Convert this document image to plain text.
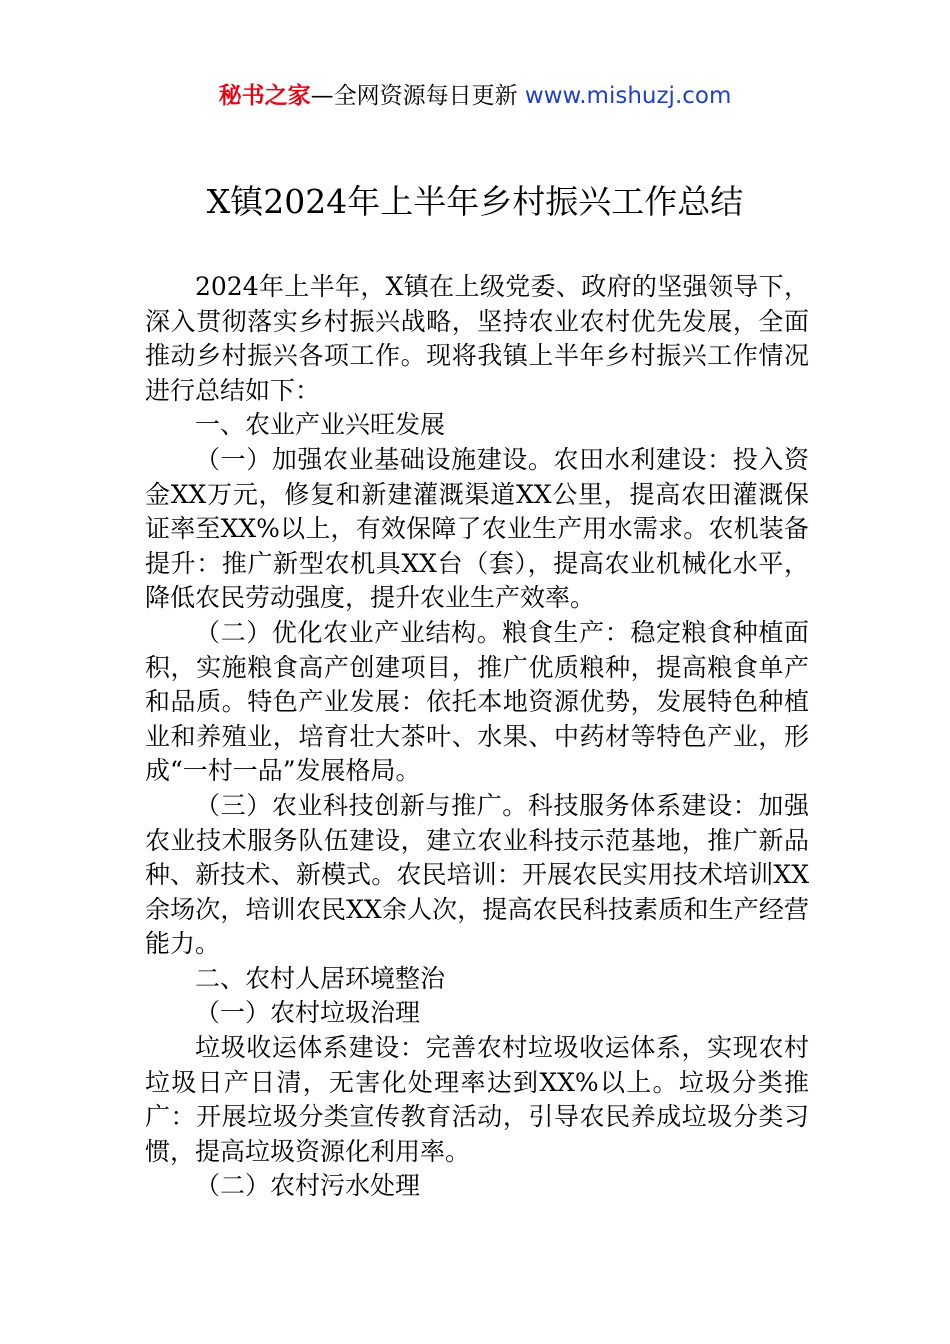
秘书之家—全网资源每日更新 www.mishuzj.com
X镇2024年上半年乡村振兴工作总结

2024年上半年，X镇在上级党委、政府的坚强领导下，深入贯彻落实乡村振兴战略，坚持农业农村优先发展，全面推动乡村振兴各项工作。现将我镇上半年乡村振兴工作情况进行总结如下：

一、农业产业兴旺发展

（一）加强农业基础设施建设。农田水利建设：投入资金XX万元，修复和新建灌溉渠道XX公里，提高农田灌溉保证率至XX%以上，有效保障了农业生产用水需求。农机装备提升：推广新型农机具XX台（套），提高农业机械化水平，降低农民劳动强度，提升农业生产效率。

（二）优化农业产业结构。粮食生产：稳定粮食种植面积，实施粮食高产创建项目，推广优质粮种，提高粮食单产和品质。特色产业发展：依托本地资源优势，发展特色种植业和养殖业，培育壮大茶叶、水果、中药材等特色产业，形成“一村一品”发展格局。

（三）农业科技创新与推广。科技服务体系建设：加强农业技术服务队伍建设，建立农业科技示范基地，推广新品种、新技术、新模式。农民培训：开展农民实用技术培训XX余场次，培训农民XX余人次，提高农民科技素质和生产经营能力。

二、农村人居环境整治

（一）农村垃圾治理

垃圾收运体系建设：完善农村垃圾收运体系，实现农村垃圾日产日清，无害化处理率达到XX%以上。垃圾分类推广：开展垃圾分类宣传教育活动，引导农民养成垃圾分类习惯，提高垃圾资源化利用率。

（二）农村污水处理
